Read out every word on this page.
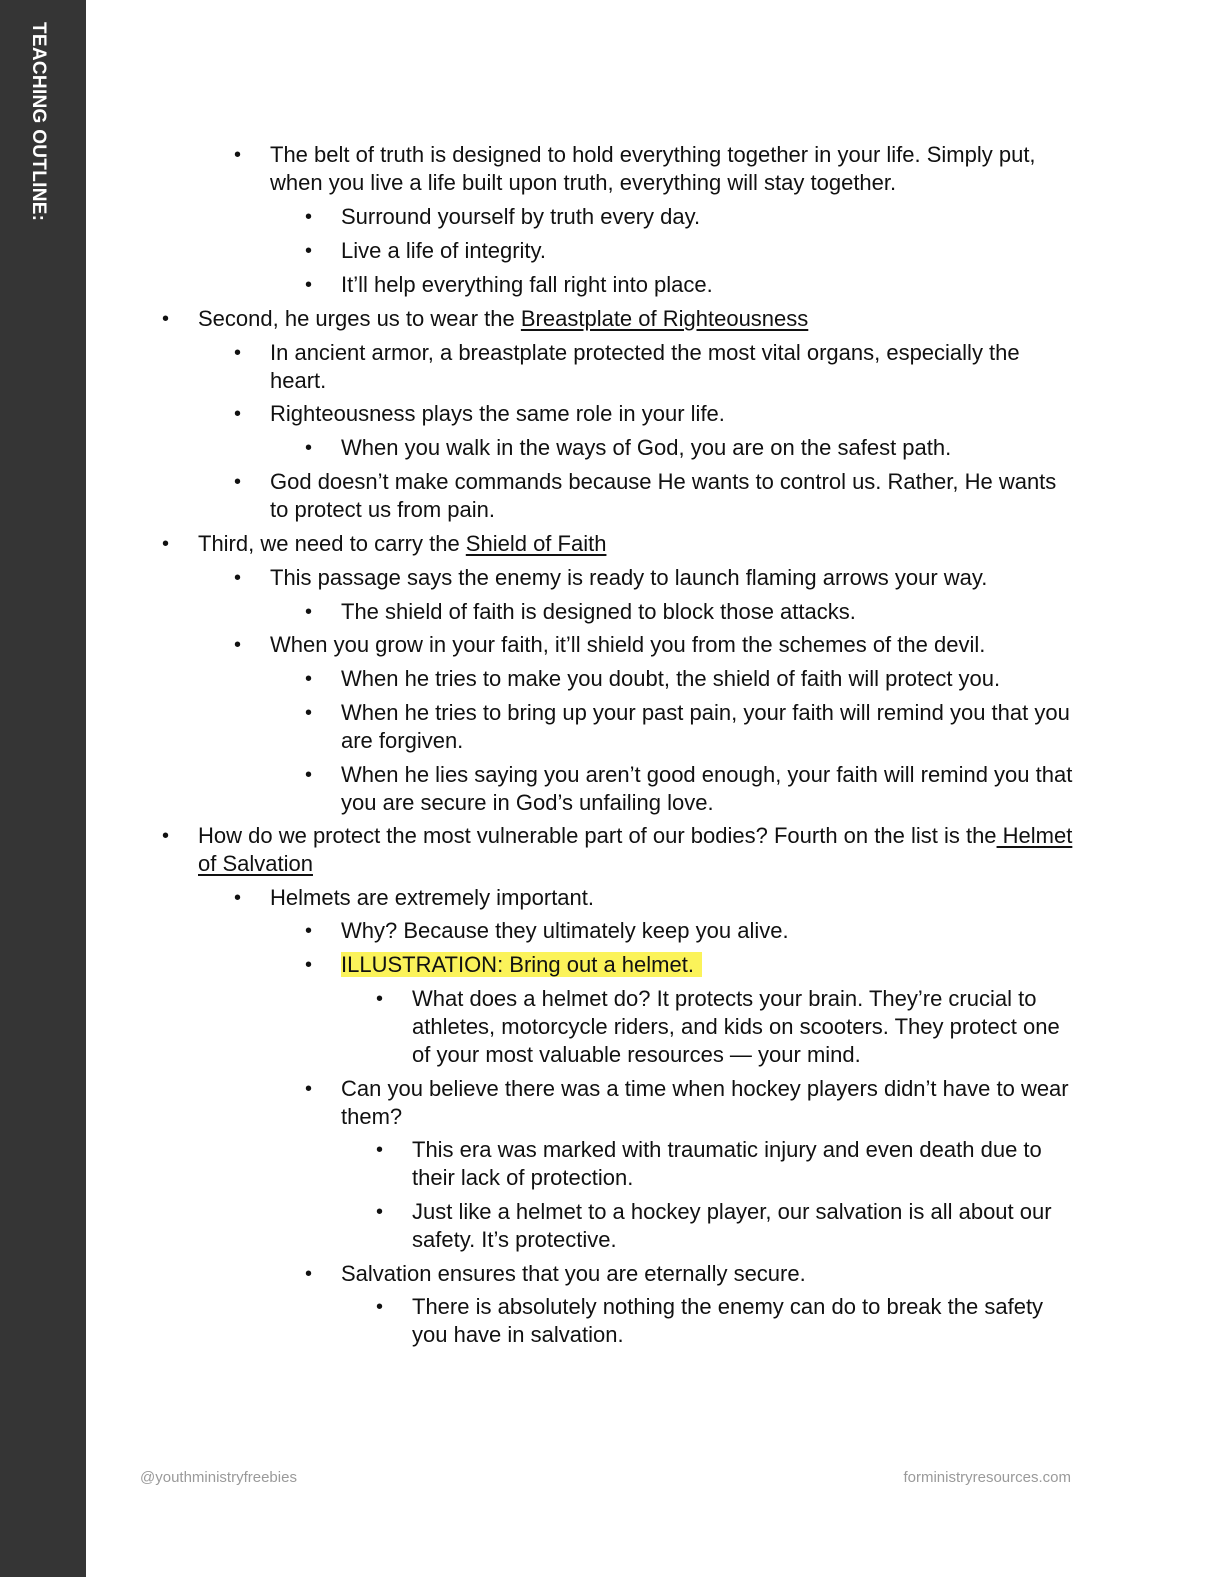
TEACHING OUTLINE:
•	The belt of truth is designed to hold everything together in your life. Simply put, when you live a life built upon truth, everything will stay together.
• Surround yourself by truth every day.
• Live a life of integrity.
• It’ll help everything fall right into place.
• Second, he urges us to wear the Breastplate of Righteousness
• In ancient armor, a breastplate protected the most vital organs, especially the heart.
• Righteousness plays the same role in your life.
• When you walk in the ways of God, you are on the safest path.
• God doesn’t make commands because He wants to control us. Rather, He wants to protect us from pain.
• Third, we need to carry the Shield of Faith
• This passage says the enemy is ready to launch flaming arrows your way.
• The shield of faith is designed to block those attacks.
• When you grow in your faith, it’ll shield you from the schemes of the devil.
• When he tries to make you doubt, the shield of faith will protect you.
• When he tries to bring up your past pain, your faith will remind you that you are forgiven.
• When he lies saying you aren’t good enough, your faith will remind you that you are secure in God’s unfailing love.
• How do we protect the most vulnerable part of our bodies? Fourth on the list is the Helmet of Salvation
• Helmets are extremely important.
• Why? Because they ultimately keep you alive.
• ILLUSTRATION: Bring out a helmet.
• What does a helmet do? It protects your brain. They’re crucial to athletes, motorcycle riders, and kids on scooters. They protect one of your most valuable resources — your mind.
• Can you believe there was a time when hockey players didn’t have to wear them?
• This era was marked with traumatic injury and even death due to their lack of protection.
• Just like a helmet to a hockey player, our salvation is all about our safety. It’s protective.
• Salvation ensures that you are eternally secure.
• There is absolutely nothing the enemy can do to break the safety you have in salvation.
@youthministryfreebies	forministryresources.com
